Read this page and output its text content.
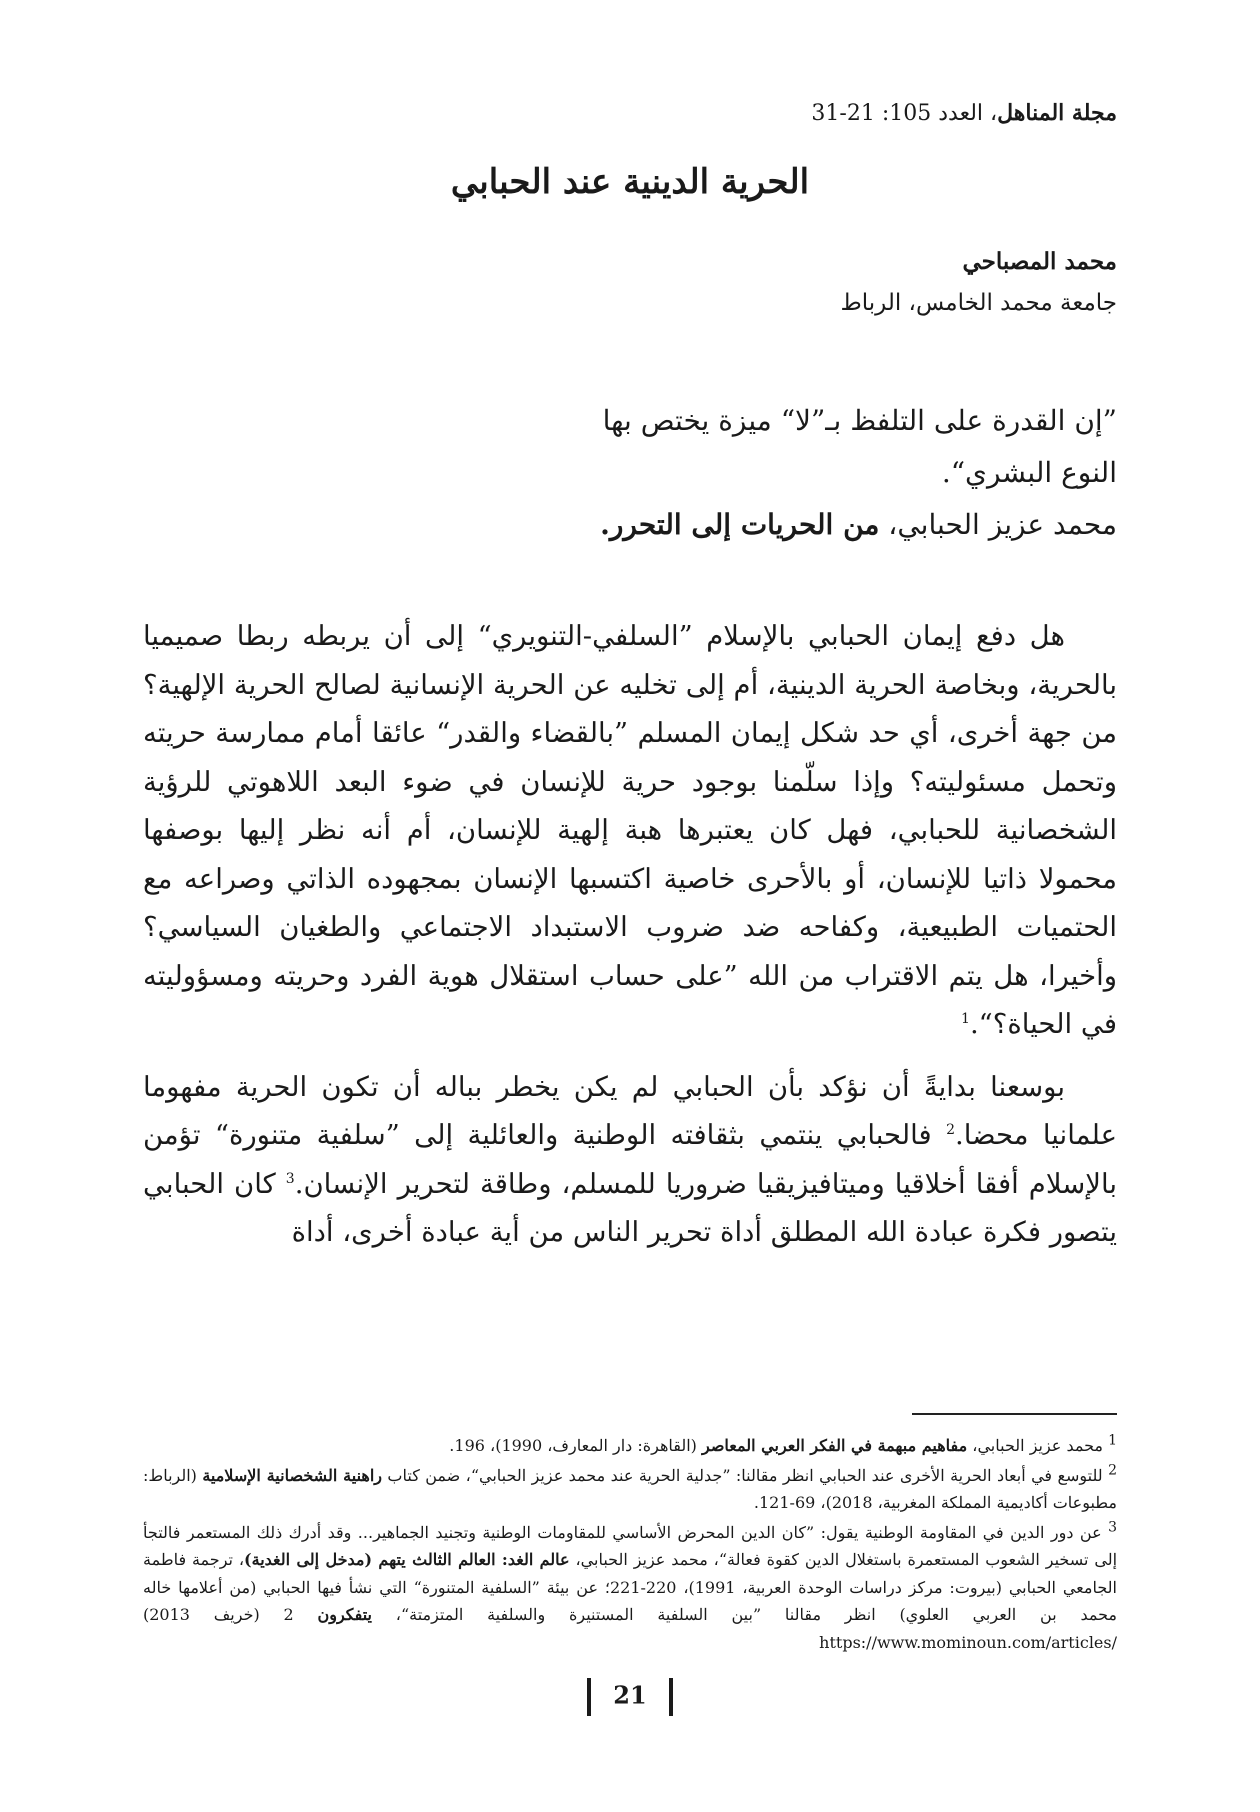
مجلة المناهل، العدد 105: 21-31
الحرية الدينية عند الحبابي
محمد المصباحي
جامعة محمد الخامس، الرباط
”إن القدرة على التلفظ بـ”لا“ ميزة يختص بها
النوع البشري“.
محمد عزيز الحبابي، من الحريات إلى التحرر.

هل دفع إيمان الحبابي بالإسلام ”السلفي-التنويري“ إلى أن يربطه ربطا صميميا بالحرية، وبخاصة الحرية الدينية، أم إلى تخليه عن الحرية الإنسانية لصالح الحرية الإلهية؟ من جهة أخرى، أي حد شكل إيمان المسلم ”بالقضاء والقدر“ عائقا أمام ممارسة حريته وتحمل مسئوليته؟ وإذا سلّمنا بوجود حرية للإنسان في ضوء البعد اللاهوتي للرؤية الشخصانية للحبابي، فهل كان يعتبرها هبة إلهية للإنسان، أم أنه نظر إليها بوصفها محمولا ذاتيا للإنسان، أو بالأحرى خاصية اكتسبها الإنسان بمجهوده الذاتي وصراعه مع الحتميات الطبيعية، وكفاحه ضد ضروب الاستبداد الاجتماعي والطغيان السياسي؟ وأخيرا، هل يتم الاقتراب من الله ”على حساب استقلال هوية الفرد وحريته ومسؤوليته في الحياة؟“.$^1$

بوسعنا بدايةً أن نؤكد بأن الحبابي لم يكن يخطر بباله أن تكون الحرية مفهوما علمانيا محضا.$^2$ فالحبابي ينتمي بثقافته الوطنية والعائلية إلى ”سلفية متنورة“ تؤمن بالإسلام أفقا أخلاقيا وميتافيزيقيا ضروريا للمسلم، وطاقة لتحرير الإنسان.$^3$ كان الحبابي يتصور فكرة عبادة الله المطلق أداة تحرير الناس من أية عبادة أخرى، أداة

$^1$ محمد عزيز الحبابي، مفاهيم مبهمة في الفكر العربي المعاصر (القاهرة: دار المعارف، 1990)، 196.

$^2$ للتوسع في أبعاد الحرية الأخرى عند الحبابي انظر مقالنا: ”جدلية الحرية عند محمد عزيز الحبابي“، ضمن كتاب راهنية الشخصانية الإسلامية (الرباط: مطبوعات أكاديمية المملكة المغربية، 2018)، 69-121.

$^3$ عن دور الدين في المقاومة الوطنية يقول: ”كان الدين المحرض الأساسي للمقاومات الوطنية وتجنيد الجماهير... وقد أدرك ذلك المستعمر فالتجأ إلى تسخير الشعوب المستعمرة باستغلال الدين كقوة فعالة“، محمد عزيز الحبابي، عالم الغد: العالم الثالث يتهم (مدخل إلى الغدية)، ترجمة فاطمة الجامعي الحبابي (بيروت: مركز دراسات الوحدة العربية، 1991)، 220-221؛ عن بيئة ”السلفية المتنورة“ التي نشأ فيها الحبابي (من أعلامها خاله محمد بن العربي العلوي) انظر مقالنا ”بين السلفية المستنيرة والسلفية المتزمتة“، يتفكرون 2 (خريف 2013) https://www.mominoun.com/articles/

21
